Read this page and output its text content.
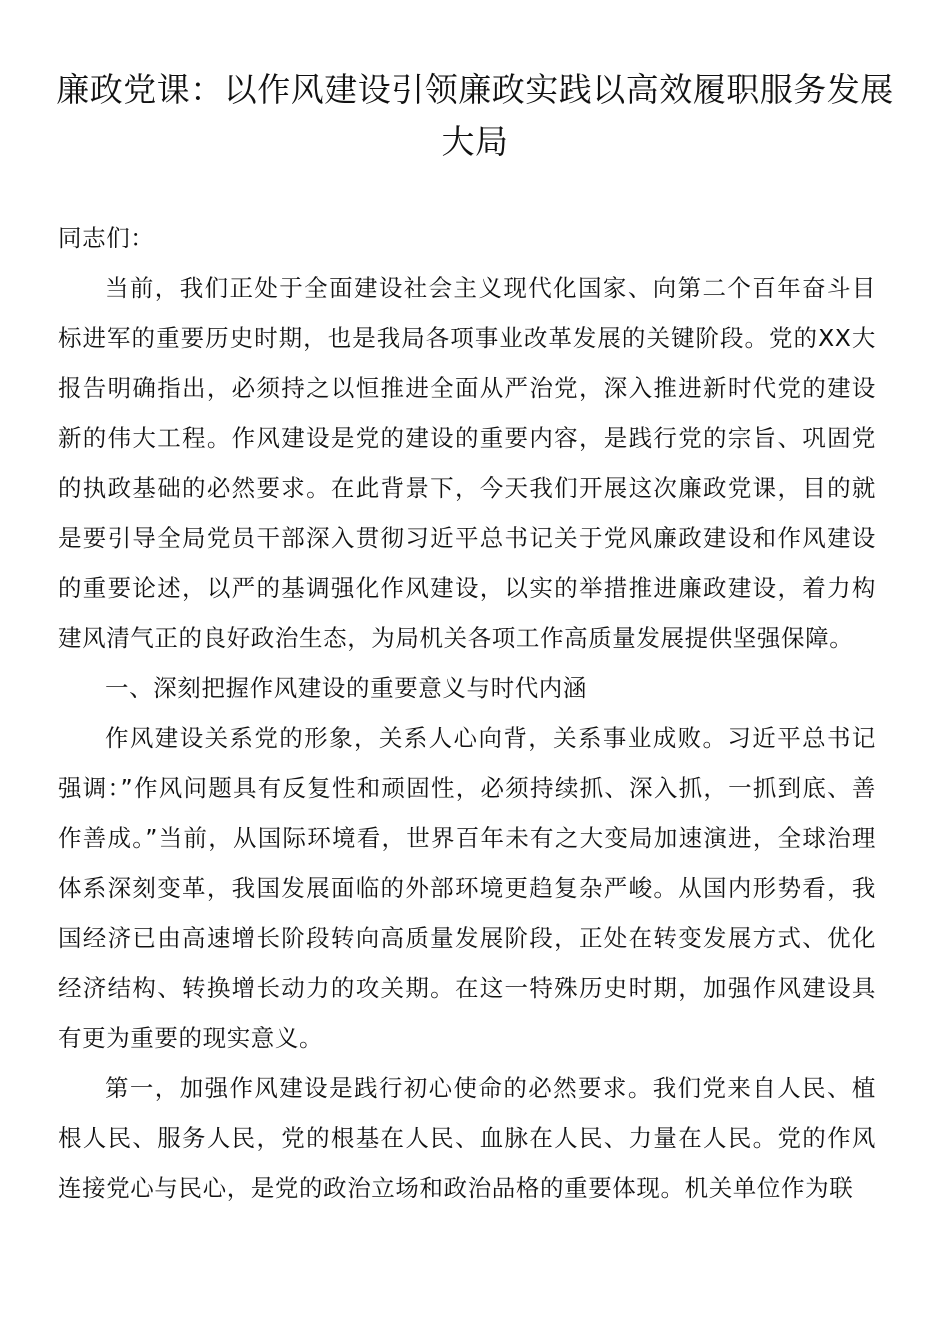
廉政党课：以作风建设引领廉政实践以高效履职服务发展大局

同志们：

当前，我们正处于全面建设社会主义现代化国家、向第二个百年奋斗目标进军的重要历史时期，也是我局各项事业改革发展的关键阶段。党的XX大报告明确指出，必须持之以恒推进全面从严治党，深入推进新时代党的建设新的伟大工程。作风建设是党的建设的重要内容，是践行党的宗旨、巩固党的执政基础的必然要求。在此背景下，今天我们开展这次廉政党课，目的就是要引导全局党员干部深入贯彻习近平总书记关于党风廉政建设和作风建设的重要论述，以严的基调强化作风建设，以实的举措推进廉政建设，着力构建风清气正的良好政治生态，为局机关各项工作高质量发展提供坚强保障。

一、深刻把握作风建设的重要意义与时代内涵

作风建设关系党的形象，关系人心向背，关系事业成败。习近平总书记强调：”作风问题具有反复性和顽固性，必须持续抓、深入抓，一抓到底、善作善成。”当前，从国际环境看，世界百年未有之大变局加速演进，全球治理体系深刻变革，我国发展面临的外部环境更趋复杂严峻。从国内形势看，我国经济已由高速增长阶段转向高质量发展阶段，正处在转变发展方式、优化经济结构、转换增长动力的攻关期。在这一特殊历史时期，加强作风建设具有更为重要的现实意义。

第一，加强作风建设是践行初心使命的必然要求。我们党来自人民、植根人民、服务人民，党的根基在人民、血脉在人民、力量在人民。党的作风连接党心与民心，是党的政治立场和政治品格的重要体现。机关单位作为联
